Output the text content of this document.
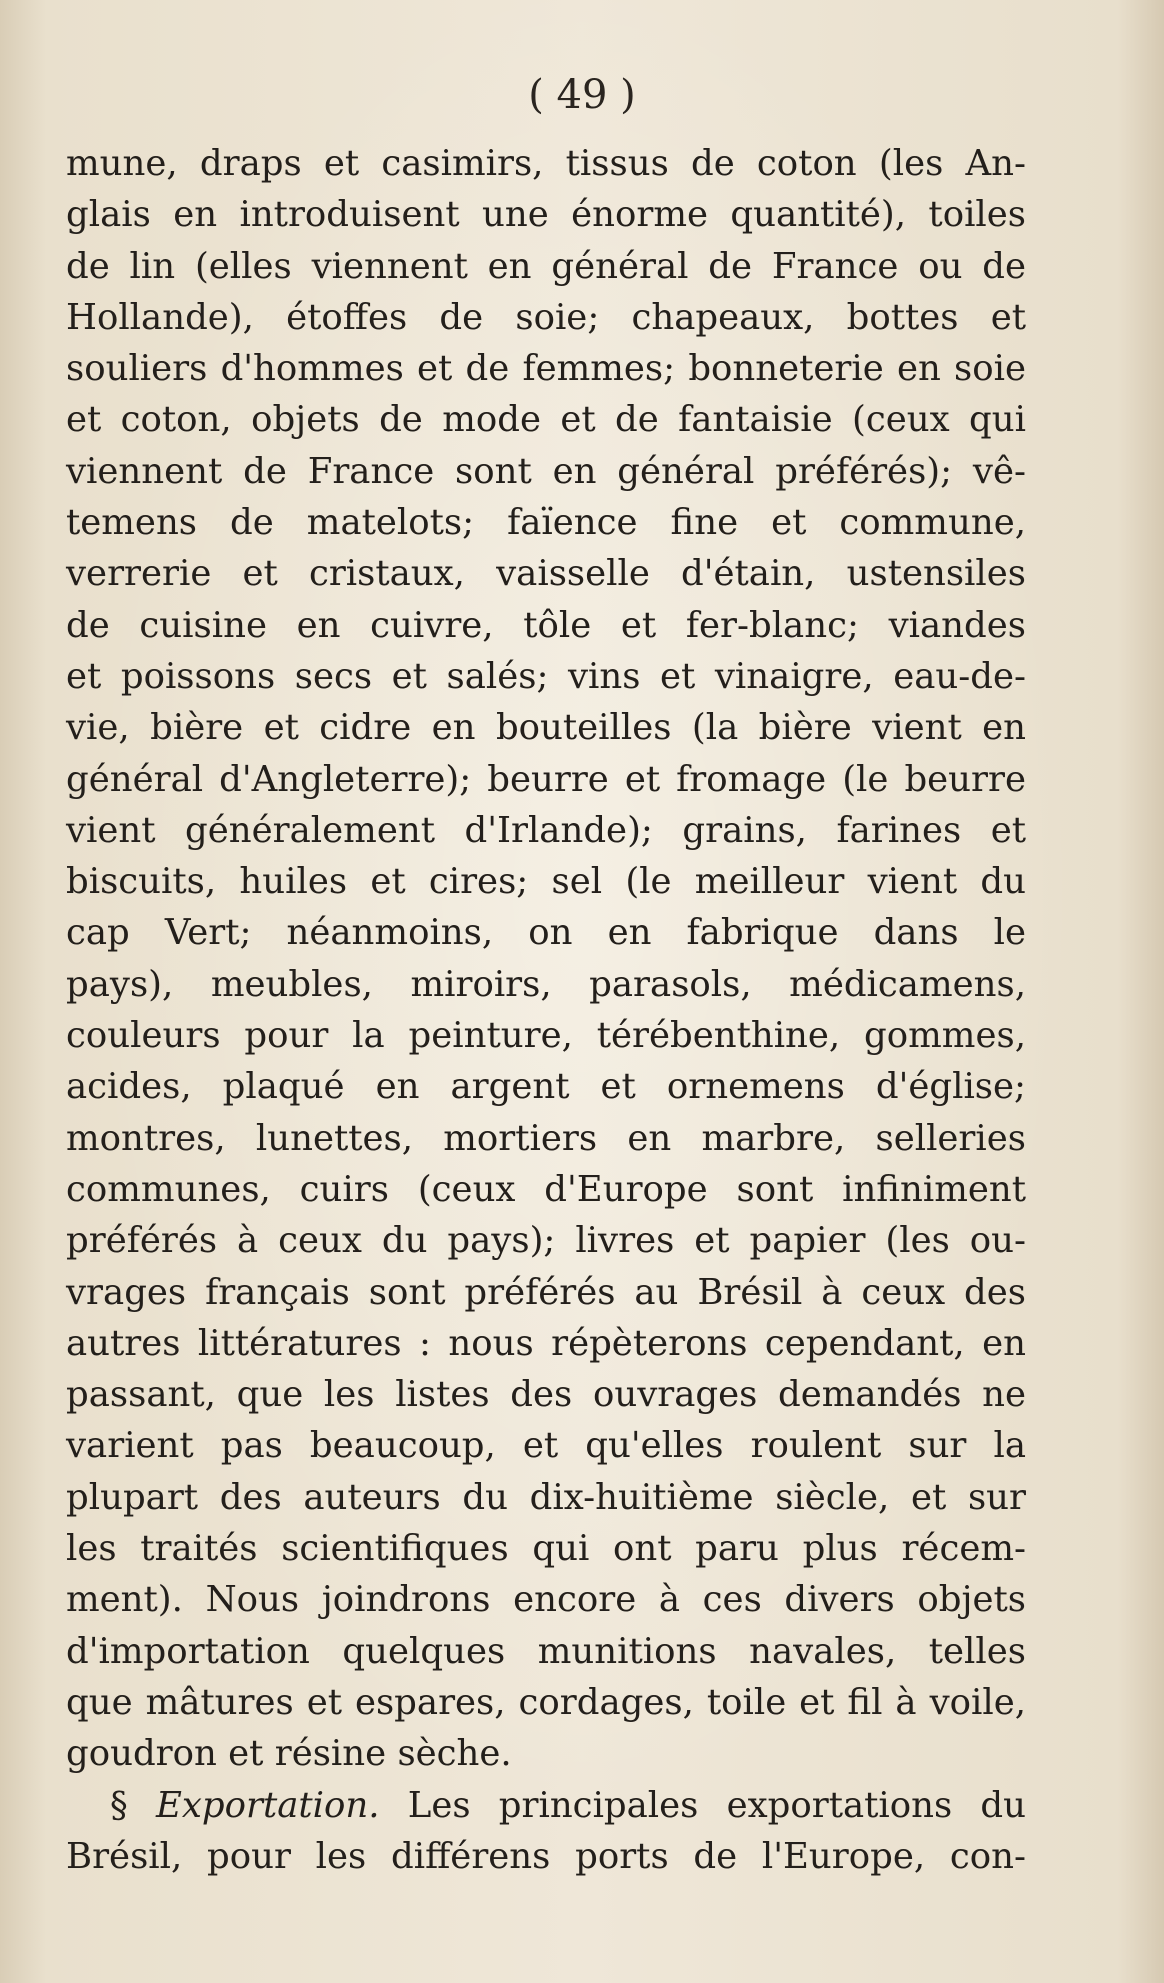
( 49 )
mune, draps et casimirs, tissus de coton (les An-
glais en introduisent une énorme quantité), toiles
de lin (elles viennent en général de France ou de
Hollande), étoffes de soie; chapeaux, bottes et
souliers d'hommes et de femmes; bonneterie en soie
et coton, objets de mode et de fantaisie (ceux qui
viennent de France sont en général préférés); vê-
temens de matelots; faïence fine et commune,
verrerie et cristaux, vaisselle d'étain, ustensiles
de cuisine en cuivre, tôle et fer-blanc; viandes
et poissons secs et salés; vins et vinaigre, eau-de-
vie, bière et cidre en bouteilles (la bière vient en
général d'Angleterre); beurre et fromage (le beurre
vient généralement d'Irlande); grains, farines et
biscuits, huiles et cires; sel (le meilleur vient du
cap Vert; néanmoins, on en fabrique dans le
pays), meubles, miroirs, parasols, médicamens,
couleurs pour la peinture, térébenthine, gommes,
acides, plaqué en argent et ornemens d'église;
montres, lunettes, mortiers en marbre, selleries
communes, cuirs (ceux d'Europe sont infiniment
préférés à ceux du pays); livres et papier (les ou-
vrages français sont préférés au Brésil à ceux des
autres littératures : nous répèterons cependant, en
passant, que les listes des ouvrages demandés ne
varient pas beaucoup, et qu'elles roulent sur la
plupart des auteurs du dix-huitième siècle, et sur
les traités scientifiques qui ont paru plus récem-
ment). Nous joindrons encore à ces divers objets
d'importation quelques munitions navales, telles
que mâtures et espares, cordages, toile et fil à voile,
goudron et résine sèche.
§ Exportation. Les principales exportations du
Brésil, pour les différens ports de l'Europe, con-
